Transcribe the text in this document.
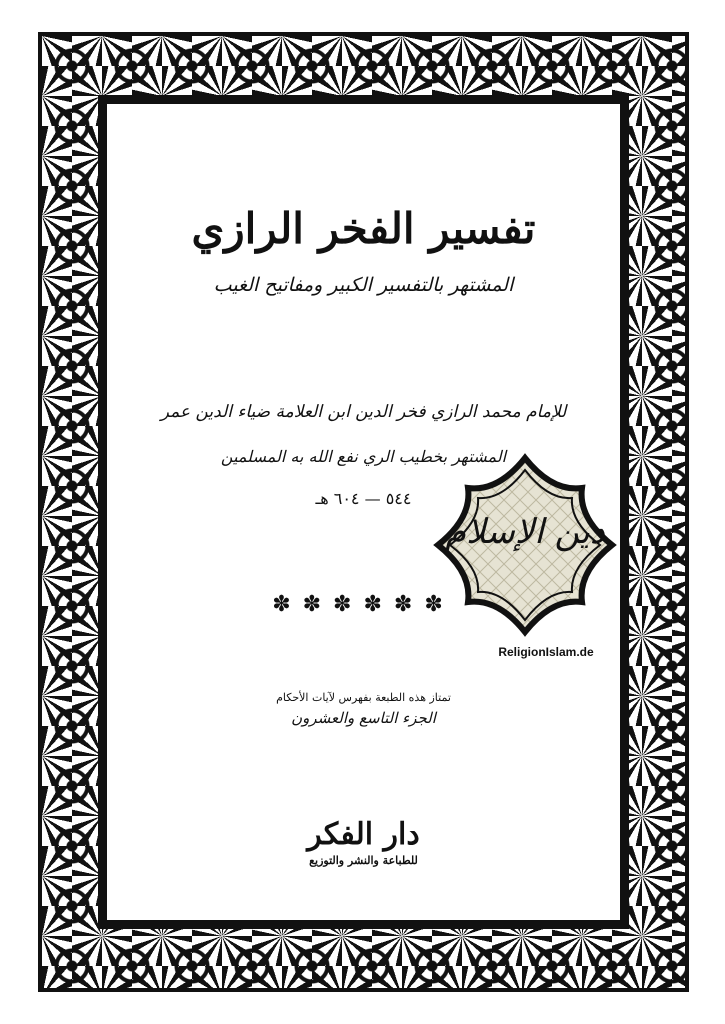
تفسير الفخر الرازي
المشتهر بالتفسير الكبير ومفاتيح الغيب
للإمام محمد الرازي فخر الدين ابن العلامة ضياء الدين عمر
المشتهر بخطيب الري نفع الله به المسلمين
٥٤٤ — ٦٠٤ هـ
✽✽✽✽✽✽
تمتاز هذه الطبعة بفهرس لآيات الأحكام
الجزء التاسع والعشرون
دار الفكر
للطباعة والنشر والتوزيع
دين الإسلام
ReligionIslam.de
